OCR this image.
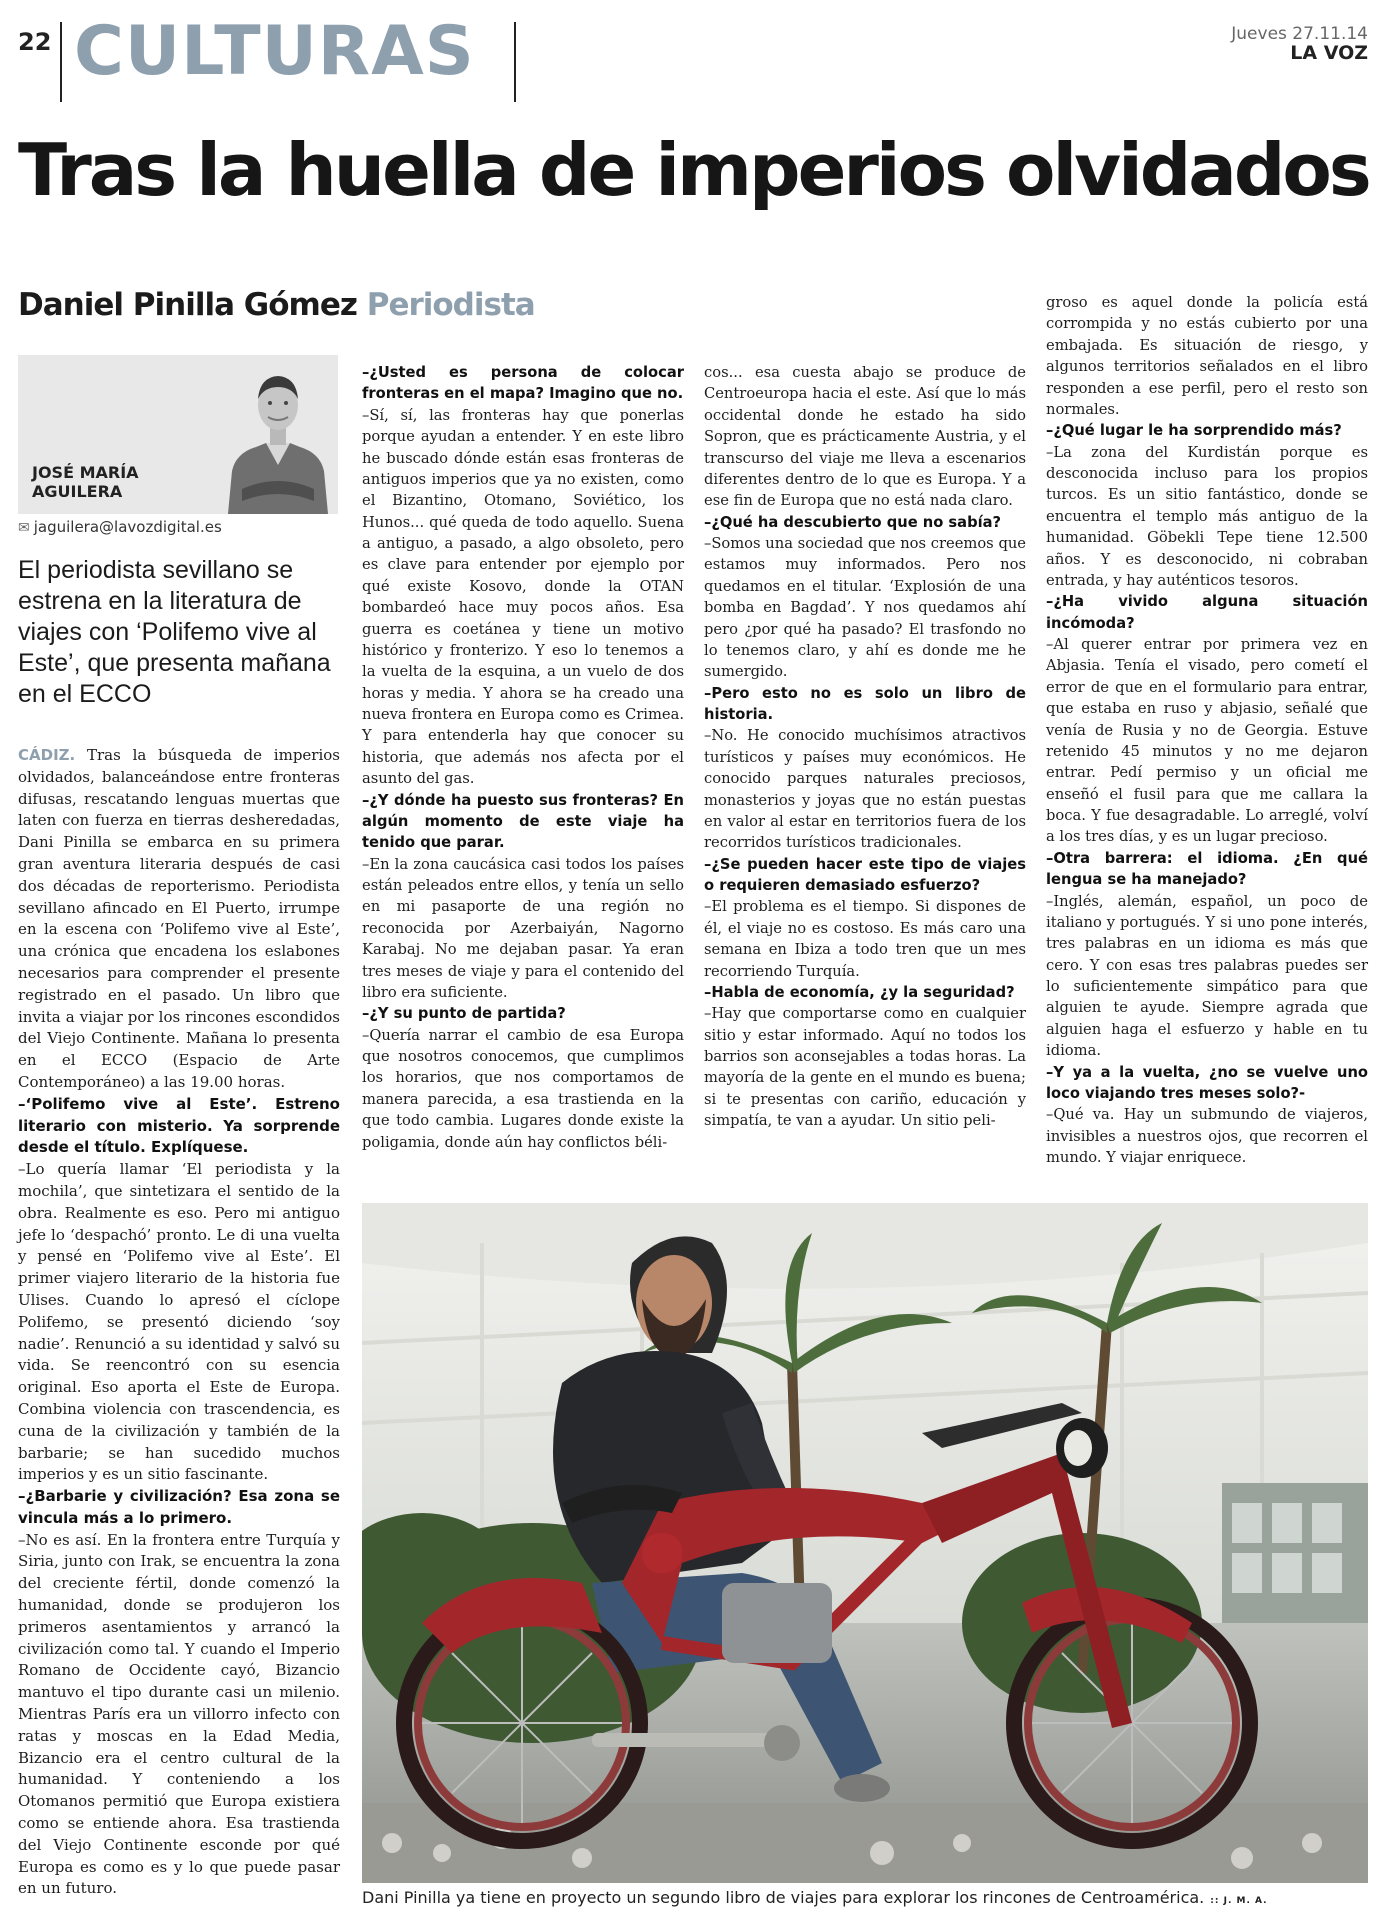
22 CULTURAS	Jueves 27.11.14
LA VOZ
Tras la huella de imperios olvidados
Daniel Pinilla Gómez Periodista
JOSÉ MARÍA AGUILERA
✉ jaguilera@lavozdigital.es

El periodista sevillano se estrena en la literatura de viajes con ‘Polifemo vive al Este’, que presenta mañana en el ECCO

CÁDIZ. Tras la búsqueda de imperios olvidados, balanceándose entre fronteras difusas, rescatando lenguas muertas que laten con fuerza en tierras desheredadas, Dani Pinilla se embarca en su primera gran aventura literaria después de casi dos décadas de reporterismo. Periodista sevillano afincado en El Puerto, irrumpe en la escena con ‘Polifemo vive al Este’, una crónica que encadena los eslabones necesarios para comprender el presente registrado en el pasado. Un libro que invita a viajar por los rincones escondidos del Viejo Continente. Mañana lo presenta en el ECCO (Espacio de Arte Contemporáneo) a las 19.00 horas.

–‘Polifemo vive al Este’. Estreno literario con misterio. Ya sorprende desde el título. Explíquese.

–Lo quería llamar ‘El periodista y la mochila’, que sintetizara el sentido de la obra. Realmente es eso. Pero mi antiguo jefe lo ‘despachó’ pronto. Le di una vuelta y pensé en ‘Polifemo vive al Este’. El primer viajero literario de la historia fue Ulises. Cuando lo apresó el cíclope Polifemo, se presentó diciendo ‘soy nadie’. Renunció a su identidad y salvó su vida. Se reencontró con su esencia original. Eso aporta el Este de Europa. Combina violencia con trascendencia, es cuna de la civilización y también de la barbarie; se han sucedido muchos imperios y es un sitio fascinante.

–¿Barbarie y civilización? Esa zona se vincula más a lo primero.

–No es así. En la frontera entre Turquía y Siria, junto con Irak, se encuentra la zona del creciente fértil, donde comenzó la humanidad, donde se produjeron los primeros asentamientos y arrancó la civilización como tal. Y cuando el Imperio Romano de Occidente cayó, Bizancio mantuvo el tipo durante casi un milenio. Mientras París era un villorro infecto con ratas y moscas en la Edad Media, Bizancio era el centro cultural de la humanidad. Y conteniendo a los Otomanos permitió que Europa existiera como se entiende ahora. Esa trastienda del Viejo Continente esconde por qué Europa es como es y lo que puede pasar en un futuro.

–¿Usted es persona de colocar fronteras en el mapa? Imagino que no.

–Sí, sí, las fronteras hay que ponerlas porque ayudan a entender. Y en este libro he buscado dónde están esas fronteras de antiguos imperios que ya no existen, como el Bizantino, Otomano, Soviético, los Hunos... qué queda de todo aquello. Suena a antiguo, a pasado, a algo obsoleto, pero es clave para entender por ejemplo por qué existe Kosovo, donde la OTAN bombardeó hace muy pocos años. Esa guerra es coetánea y tiene un motivo histórico y fronterizo. Y eso lo tenemos a la vuelta de la esquina, a un vuelo de dos horas y media. Y ahora se ha creado una nueva frontera en Europa como es Crimea. Y para entenderla hay que conocer su historia, que además nos afecta por el asunto del gas.

–¿Y dónde ha puesto sus fronteras? En algún momento de este viaje ha tenido que parar.

–En la zona caucásica casi todos los países están peleados entre ellos, y tenía un sello en mi pasaporte de una región no reconocida por Azerbaiyán, Nagorno Karabaj. No me dejaban pasar. Ya eran tres meses de viaje y para el contenido del libro era suficiente.

–¿Y su punto de partida?

–Quería narrar el cambio de esa Europa que nosotros conocemos, que cumplimos los horarios, que nos comportamos de manera parecida, a esa trastienda en la que todo cambia. Lugares donde existe la poligamia, donde aún hay conflictos béli-

cos... esa cuesta abajo se produce de Centroeuropa hacia el este. Así que lo más occidental donde he estado ha sido Sopron, que es prácticamente Austria, y el transcurso del viaje me lleva a escenarios diferentes dentro de lo que es Europa. Y a ese fin de Europa que no está nada claro.

–¿Qué ha descubierto que no sabía?

–Somos una sociedad que nos creemos que estamos muy informados. Pero nos quedamos en el titular. ‘Explosión de una bomba en Bagdad’. Y nos quedamos ahí pero ¿por qué ha pasado? El trasfondo no lo tenemos claro, y ahí es donde me he sumergido.

–Pero esto no es solo un libro de historia.

–No. He conocido muchísimos atractivos turísticos y países muy económicos. He conocido parques naturales preciosos, monasterios y joyas que no están puestas en valor al estar en territorios fuera de los recorridos turísticos tradicionales.

–¿Se pueden hacer este tipo de viajes o requieren demasiado esfuerzo?

–El problema es el tiempo. Si dispones de él, el viaje no es costoso. Es más caro una semana en Ibiza a todo tren que un mes recorriendo Turquía.

–Habla de economía, ¿y la seguridad?

–Hay que comportarse como en cualquier sitio y estar informado. Aquí no todos los barrios son aconsejables a todas horas. La mayoría de la gente en el mundo es buena; si te presentas con cariño, educación y simpatía, te van a ayudar. Un sitio peli-

groso es aquel donde la policía está corrompida y no estás cubierto por una embajada. Es situación de riesgo, y algunos territorios señalados en el libro responden a ese perfil, pero el resto son normales.

–¿Qué lugar le ha sorprendido más?

–La zona del Kurdistán porque es desconocida incluso para los propios turcos. Es un sitio fantástico, donde se encuentra el templo más antiguo de la humanidad. Göbekli Tepe tiene 12.500 años. Y es desconocido, ni cobraban entrada, y hay auténticos tesoros.

–¿Ha vivido alguna situación incómoda?

–Al querer entrar por primera vez en Abjasia. Tenía el visado, pero cometí el error de que en el formulario para entrar, que estaba en ruso y abjasio, señalé que venía de Rusia y no de Georgia. Estuve retenido 45 minutos y no me dejaron entrar. Pedí permiso y un oficial me enseñó el fusil para que me callara la boca. Y fue desagradable. Lo arreglé, volví a los tres días, y es un lugar precioso.

–Otra barrera: el idioma. ¿En qué lengua se ha manejado?

–Inglés, alemán, español, un poco de italiano y portugués. Y si uno pone interés, tres palabras en un idioma es más que cero. Y con esas tres palabras puedes ser lo suficientemente simpático para que alguien te ayude. Siempre agrada que alguien haga el esfuerzo y hable en tu idioma.

–Y ya a la vuelta, ¿no se vuelve uno loco viajando tres meses solo?-

–Qué va. Hay un submundo de viajeros, invisibles a nuestros ojos, que recorren el mundo. Y viajar enriquece.

Dani Pinilla ya tiene en proyecto un segundo libro de viajes para explorar los rincones de Centroamérica. :: J. M. A.
